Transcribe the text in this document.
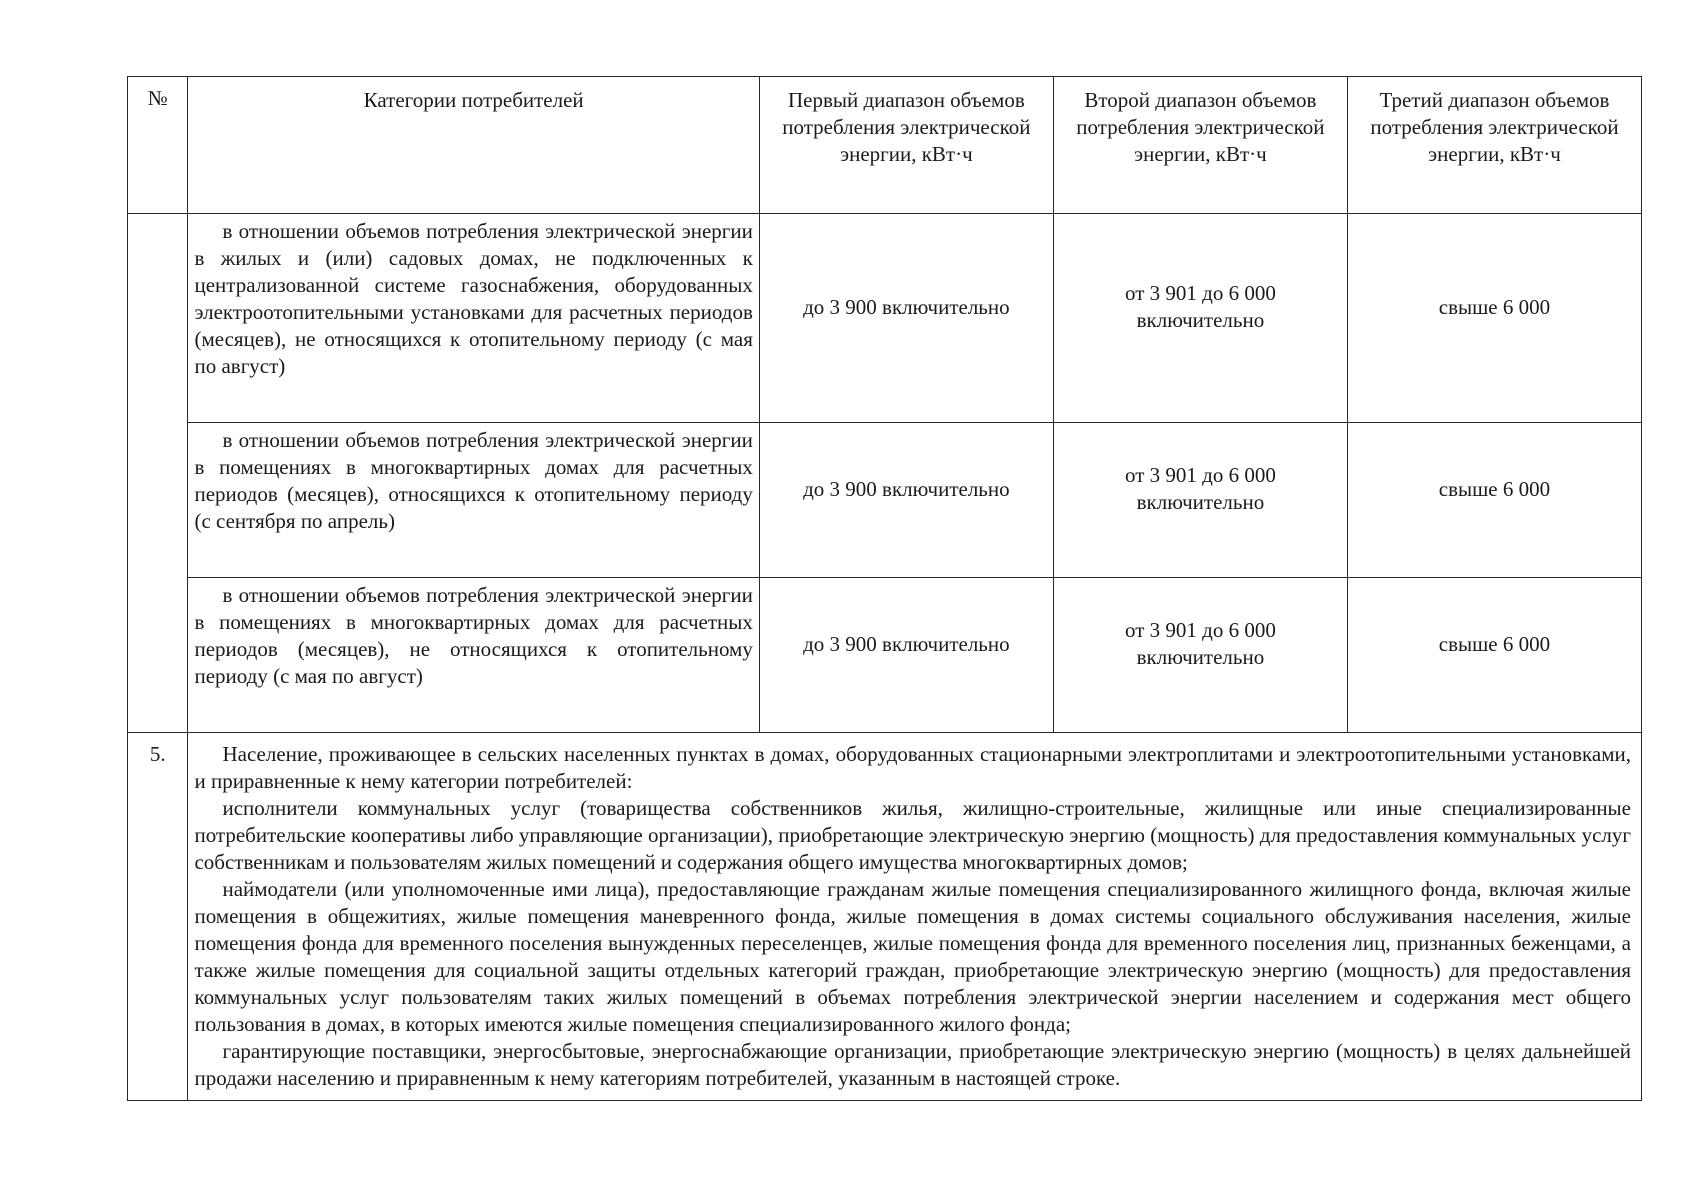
№	Категории потребителей	Первый диапазон объемов потребления электрической энергии, кВт·ч	Второй диапазон объемов потребления электрической энергии, кВт·ч	Третий диапазон объемов потребления электрической энергии, кВт·ч
	в отношении объемов потребления электрической энергии в жилых и (или) садовых домах, не подключенных к централизованной системе газоснабжения, оборудованных электроотопительными установками для расчетных периодов (месяцев), не относящихся к отопительному периоду (с мая по август)	до 3 900 включительно	от 3 901 до 6 000 включительно	свыше 6 000
	в отношении объемов потребления электрической энергии в помещениях в многоквартирных домах для расчетных периодов (месяцев), относящихся к отопительному периоду (с сентября по апрель)	до 3 900 включительно	от 3 901 до 6 000 включительно	свыше 6 000
	в отношении объемов потребления электрической энергии в помещениях в многоквартирных домах для расчетных периодов (месяцев), не относящихся к отопительному периоду (с мая по август)	до 3 900 включительно	от 3 901 до 6 000 включительно	свыше 6 000
5.	Население, проживающее в сельских населенных пунктах в домах, оборудованных стационарными электроплитами и электроотопительными установками, и приравненные к нему категории потребителей:

исполнители коммунальных услуг (товарищества собственников жилья, жилищно-строительные, жилищные или иные специализированные потребительские кооперативы либо управляющие организации), приобретающие электрическую энергию (мощность) для предоставления коммунальных услуг собственникам и пользователям жилых помещений и содержания общего имущества многоквартирных домов;

наймодатели (или уполномоченные ими лица), предоставляющие гражданам жилые помещения специализированного жилищного фонда, включая жилые помещения в общежитиях, жилые помещения маневренного фонда, жилые помещения в домах системы социального обслуживания населения, жилые помещения фонда для временного поселения вынужденных переселенцев, жилые помещения фонда для временного поселения лиц, признанных беженцами, а также жилые помещения для социальной защиты отдельных категорий граждан, приобретающие электрическую энергию (мощность) для предоставления коммунальных услуг пользователям таких жилых помещений в объемах потребления электрической энергии населением и содержания мест общего пользования в домах, в которых имеются жилые помещения специализированного жилого фонда;

гарантирующие поставщики, энергосбытовые, энергоснабжающие организации, приобретающие электрическую энергию (мощность) в целях дальнейшей продажи населению и приравненным к нему категориям потребителей, указанным в настоящей строке.			
